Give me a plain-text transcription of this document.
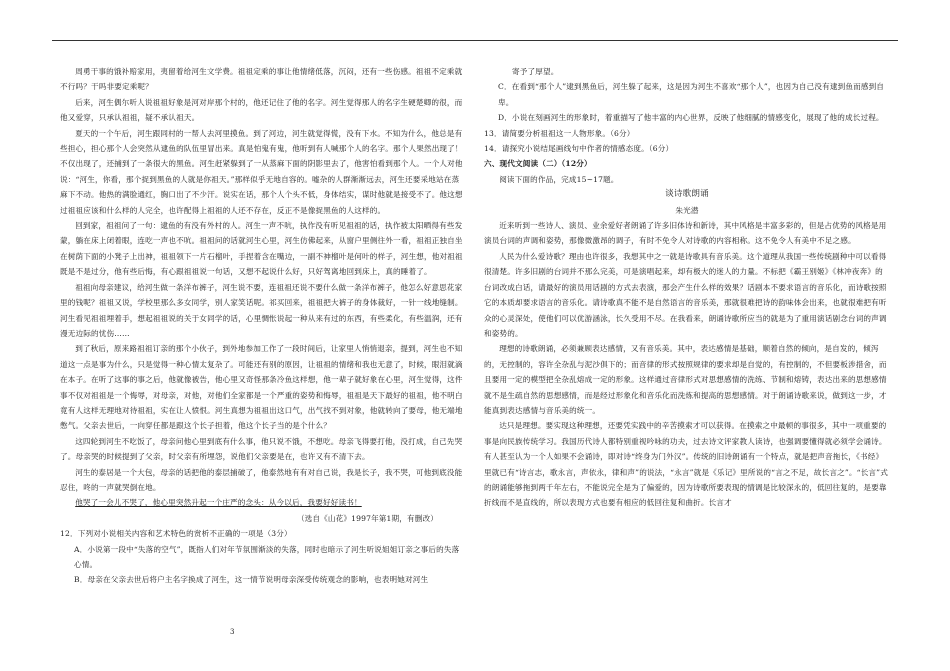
周勇干事的饿补赔家用，夷留着给河生文学费。祖祖定乘的事让他情绪低落，沉闷，还有一些伤感。祖祖不定乘就不行吗？干吗非要定乘呢？

后来，河生偶尔听人说祖祖好象是河对岸那个村的，他还记住了他的名字。河生觉得那人的名字生硬楚卿的很，而他又爱穿，只承认祖祖，疑不承认祖天。

夏天的一个午后，河生跟同村的一帮人去河里摸鱼。到了河边，河生就觉得慌，没有下水。不知为什么，他总是有些担心，担心那个人会突然从逮鱼的队伍里冒出来。真是怕鬼有鬼，他听到有人喊那个人的名字。那个人果然出现了！不仅出现了，还捕到了一条很大的黑鱼。河生赶紧躲到了一从蒸麻下面的阴影里去了，他害怕看到那个人。一个人对他说：“河生，你看，那个捉到黑鱼的人就是你祖天。”那样似乎无地自容的。嘘杂的人群渐渐远去，河生还要采地站在蒸麻下不动。他热的满脸通红，胸口出了不少汗。说实在话，那个人个头不低，身体结实，谋时他就是接受不了。他这想过祖祖应该和什么样的人完全，也许配得上祖祖的人还不存在，反正不是像捉黑鱼的人这样的。

回到家，祖祖问了一句：逮鱼的有没有外村的人。河生一声不吭，执作没有听见祖祖的话，执作被太阳晒得有些发蒙，躺在床上闭着眼，连吃一声也不吭。祖祖问的话就河生心里，河生仿佛起来，从窗户里侧往外一看，祖祖正独自坐在树荫下面的小凳子上出神，祖祖领下一片石榴叶，手捏着含在嘴边，一副不神榴叶是何叶的样子，河生想，他对祖祖既是不是过分，他有些后悔，有心跟祖祖说一句话，又想不起说什么好，只好驾离地回到床上，真的睡着了。

祖祖向母亲建议，给河生做一条洋布裤子，河生说不要，连祖祖还说不要什么做一条洋布裤子，他怎么好意思花家里的钱呢？祖祖又说，学校里那么多女同学，别人家笑话呢。祁买回来，祖祖把大裤子的身体裁好，一针一线地缝制。河生看见祖祖埋着手，想起祖祖说的关于女同学的话，心里惆怅说起一种从来有过的东西，有些柔化，有些温润，还有漫无边际的忧伤……

到了秋后，原来路祖祖订亲的那个小伙子，到外地参加工作了一段时间后，让家里人悄悄退亲，提到，河生也不知道这一点是事为什么，只是觉得一种心情太复杂了。可能还有别的原因，让祖祖的情绪和我也无意了，时候，眼泪就滴在本子。在听了这事的事之后，他就像被告，他心里又奇怪那条冷鱼这样想，他一辈子就好象在心里，河生觉得，这件事不仅对祖祖是一个悔辱，对母亲，对他，对他们全家都是一个严重的姿势和悔辱，祖祖是天下最好的祖祖，他不明白竟有人这样无理地对待祖祖，实在让人愤恨。河生真想为祖祖出这口气，出气找不到对象，他就转向了要母，他无端地憋气。父亲去世后，一向穿任都是跟这个长子担着，他这个长子当的是个什么？

这四轮到河生不吃饭了，母亲问他心里到底有什么事，他只说不饿，不想吃。母亲飞得要打他，没打成，自己先哭了。母亲哭的时候提到了父亲，时父亲有所埋怨，说他们父亲要是在，也许又有不清下去。

河生的泰居是一个大包，母亲的话把他的泰层捕破了，他泰然地有有对自己说，我是长子，我不哭，可他到底没能忍住，咚的一声就哭倒在地。

他哭了一会儿不哭了，他心里突然升起一个庄严的念头：从今以后，我要好好读书！

（选自《山花》1997年第1期，有删改）

12．下列对小说相关内容和艺术特色的赏析不正确的一项是（3分）

A．小说第一段中“失落的空气”，既指人们对年节氛围渐淡的失落，同时也暗示了河生听说姐姐订亲之事后的失落心情。

B．母亲在父亲去世后将户主名字换成了河生，这一情节说明母亲深受传统观念的影响，也表明她对河生

寄予了厚望。

C．在看到“那个人”逮到黑鱼后，河生躲了起来，这是因为河生不喜欢“那个人”，也因为自己没有逮到鱼而感到自卑。

D．小说在刻画河生的形象时，着重描写了他丰富的内心世界，反映了他细腻的情感变化，展现了他的成长过程。

13．请简要分析祖祖这一人物形象。（6分）

14．请探究小说结尾画线句中作者的情感态度。（6分）

六、现代文阅读（二）（12分）

阅读下面的作品，完成15~17题。

谈诗歌朗诵

朱光潜

近来听到一些诗人、演员、业余爱好者朗诵了许多旧体诗和新诗，其中风格是丰富多彩的，但是占优势的风格是用演员台词的声调和姿势，那像微激昂的调子，有时不免令人对诗歌的内容相称。这不免令人有美中不足之感。

人民为什么爱诗歌？理由也许很多，我想其中之一就是诗歌具有音乐美。这个道理从我国一些传统剧种中可以看得很清楚。许多旧剧的台词并不那么完美，可是演唱起来，却有极大的迷人的力量。不标把《霸王别姬》《林冲夜奔》的台词改成白话，请最好的演员用话剧的方式去表演，那会产生什么样的效果？话剧本不要求语言的音乐化，而诗歌按照它的本质却要求语言的音乐化。请诗歌真不能不是自然语言的音乐美，那就很难把诗的韵味体会出来，也就很难把有听众的心灵深处，使他们可以优游涵泳，长久受用不尽。在我看来，朗诵诗歌所应当的就是为了重用演话剧念台词的声调和姿势的。

理想的诗歌朗诵，必须兼顾表达感情，又有音乐美。其中，表达感情是基础，顺着自然的倾向，是自发的，倾泻的，无控制的，容许全杂乱与泥沙俱下的；而音律的形式按照规律的要求却是自觉的，有控制的，不但要板涉措舍，而且要用一定的模型把全杂乱熔成一定的形象。这样通过音律形式对思想感情的洗练、节制和熔铸，表达出来的思想感情就不是生疏自然的思想感情，而是经过形象化和音乐化而洗炼和提高的思想感情。对于朗诵诗歌来说，做到这一步，才能真到表达感情与音乐美的统一。

达只是理想。要实现这种理想，还要凭实践中的辛苦摸索才可以获得。在摸索之中最顿的事很多，其中一项重要的事是向民族传统学习。我国历代诗人都特别重视吟咏的功夫，过去诗文评家教人读诗，也强调要懂得就必须学会诵诗。有人甚至认为一个人如果不会诵诗，即对诗“终身为门外汉”。传统的旧诗朗诵有一个特点，就是把声音拖长，《书经》里就已有“诗言志，歌永言，声依永，律和声”的说法，“永言”就是《乐记》里所说的“言之不足，故长言之”。“长言”式的朗诵能够拖到两千年左右，不能说完全是为了偏爱的，因为诗歌所要表现的情调是比较深永的，低回往复的，是要靠折线而不是直线的，所以表现方式也要有相应的低回往复和曲折。长言才

3
